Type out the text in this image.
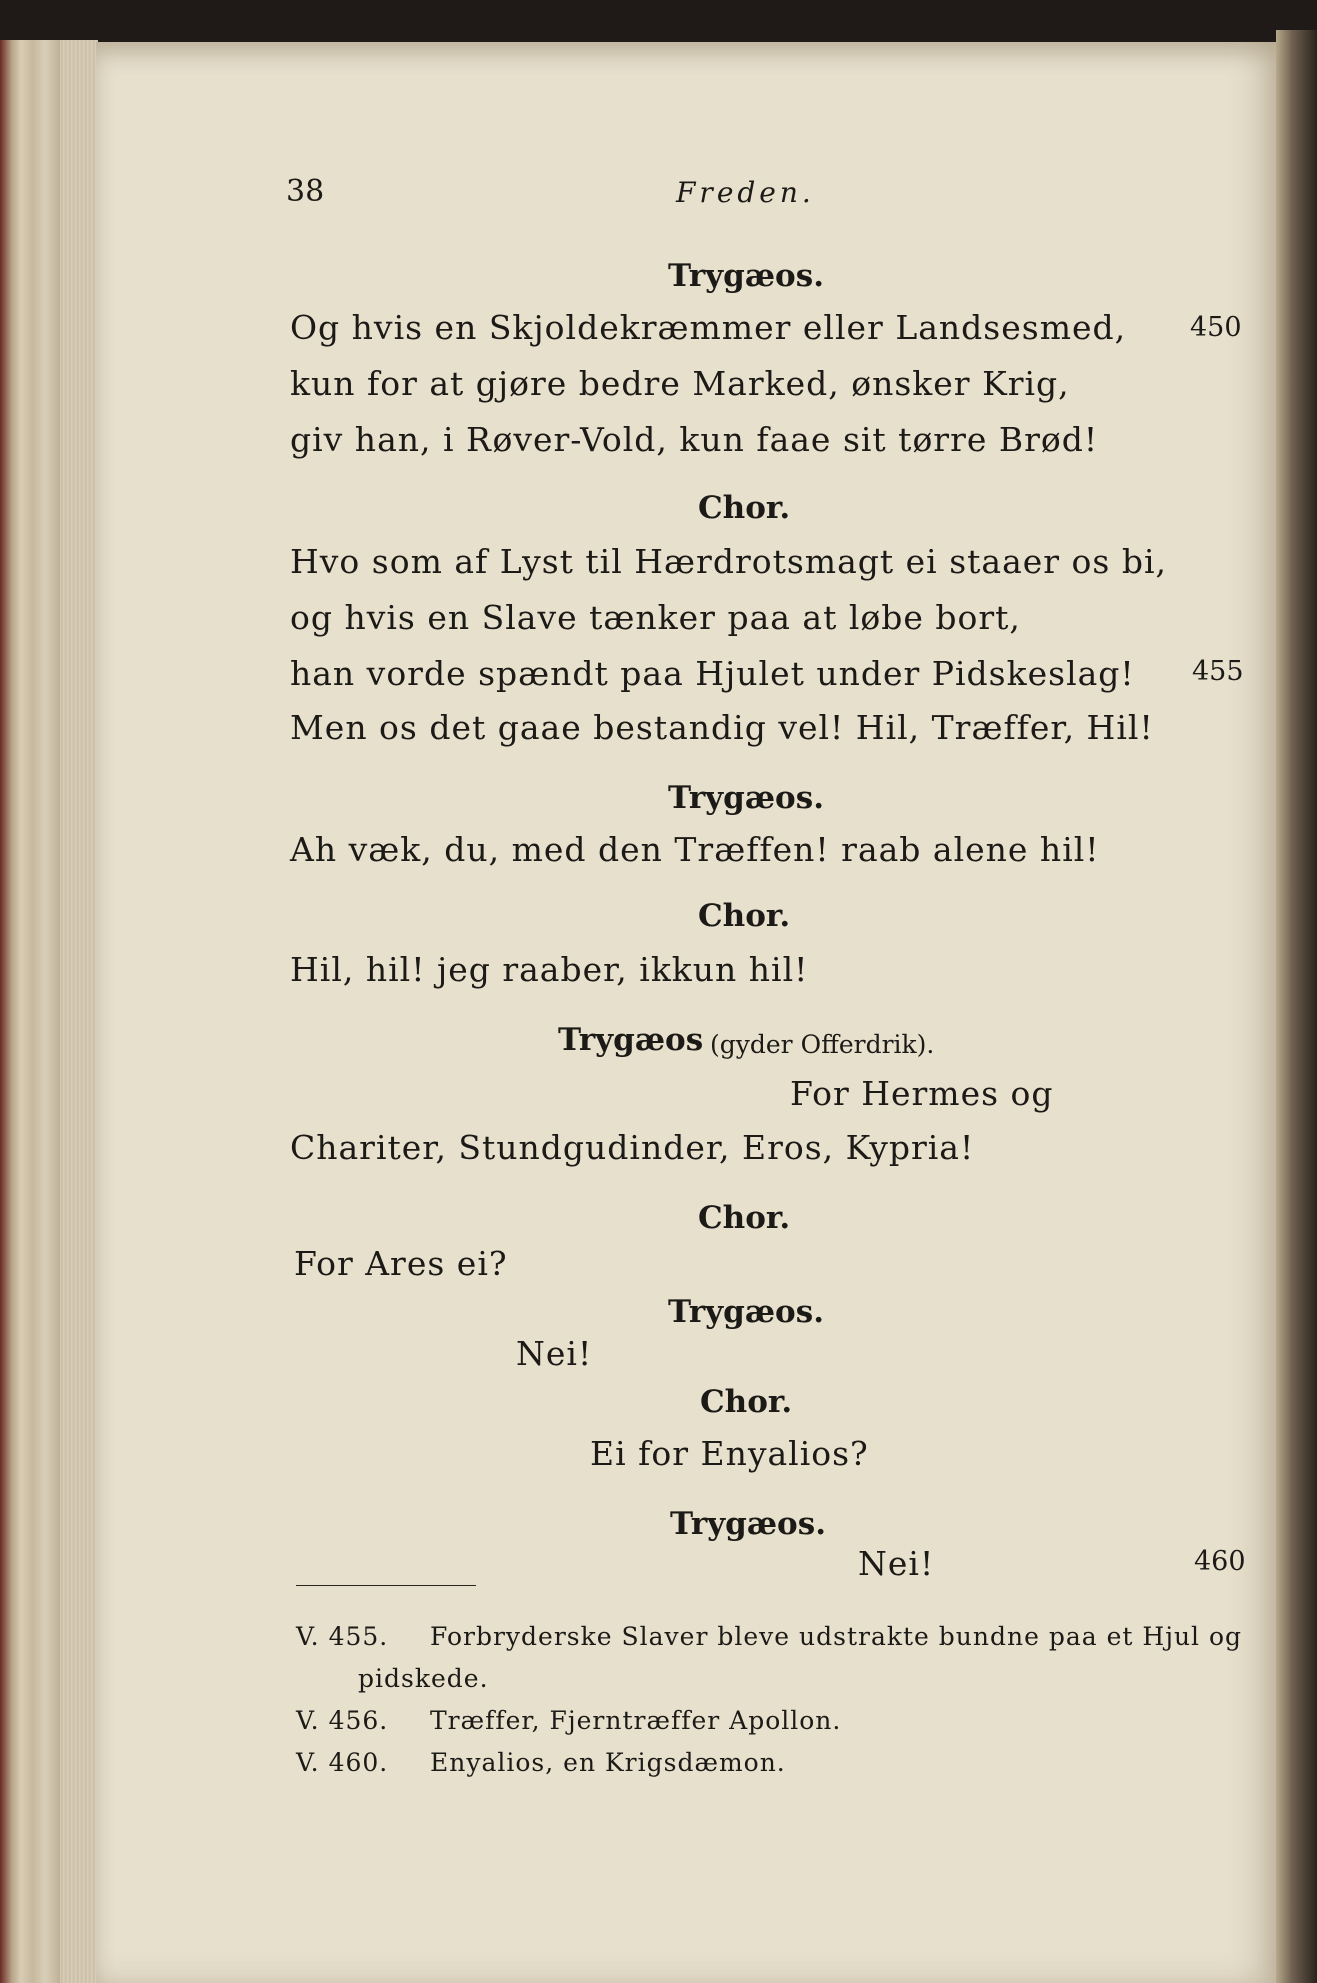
38	Freden.
Trygæos.
Og hvis en Skjoldekræmmer eller Landsesmed, 450
kun for at gjøre bedre Marked, ønsker Krig,
giv han, i Røver-Vold, kun faae sit tørre Brød!
Chor.
Hvo som af Lyst til Hærdrotsmagt ei staaer os bi,
og hvis en Slave tænker paa at løbe bort,
han vorde spændt paa Hjulet under Pidskeslag! 455
Men os det gaae bestandig vel! Hil, Træffer, Hil!
Trygæos.
Ah væk, du, med den Træffen! raab alene hil!
Chor.
Hil, hil! jeg raaber, ikkun hil!
Trygæos (gyder Offerdrik).
For Hermes og
Chariter, Stundgudinder, Eros, Kypria!
Chor.
For Ares ei?
Trygæos.
Nei!
Chor.
Ei for Enyalios?
Trygæos.
Nei!	460
V. 455. Forbryderske Slaver bleve udstrakte bundne paa et Hjul og
pidskede.
V. 456. Træffer, Fjerntræffer Apollon.
V. 460. Enyalios, en Krigsdæmon.
